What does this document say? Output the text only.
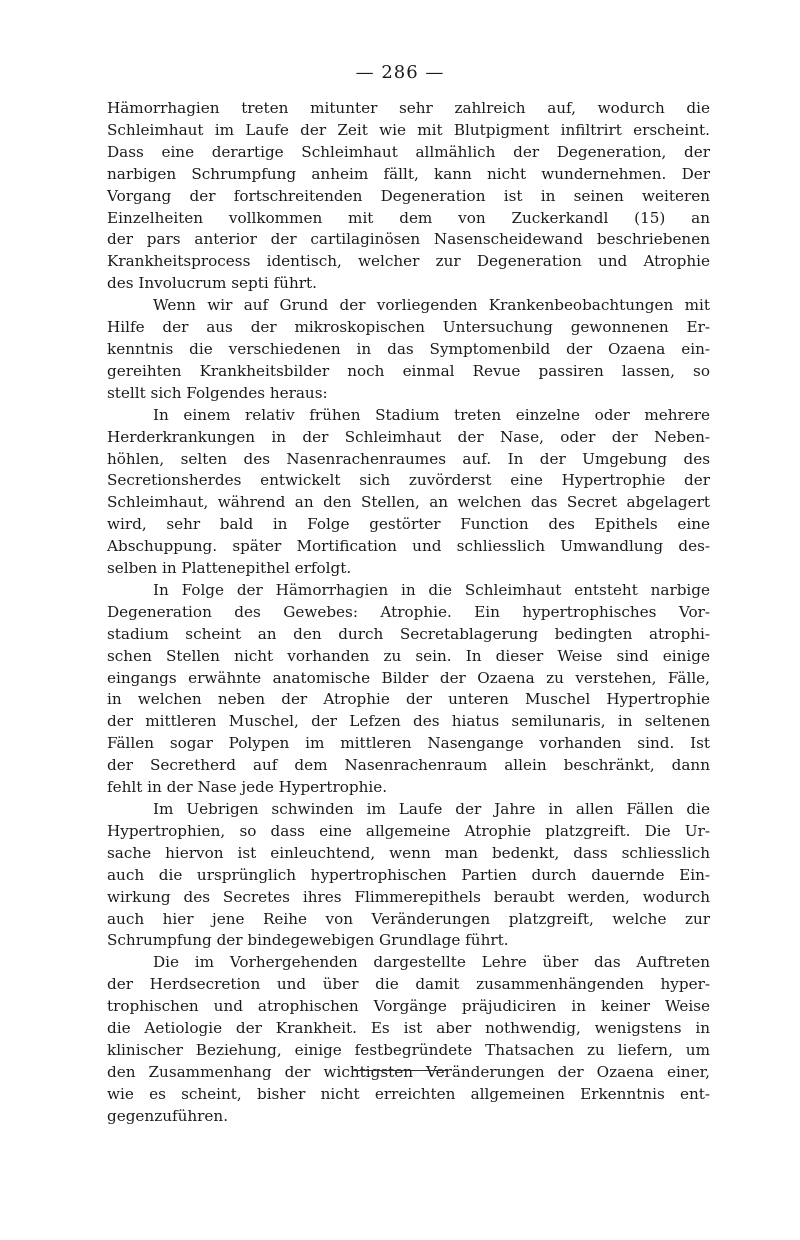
— 286 —
Hämorrhagien treten mitunter sehr zahlreich auf, wodurch die
Schleimhaut im Laufe der Zeit wie mit Blutpigment infiltrirt erscheint.
Dass eine derartige Schleimhaut allmählich der Degeneration, der
narbigen Schrumpfung anheim fällt, kann nicht wundernehmen. Der
Vorgang der fortschreitenden Degeneration ist in seinen weiteren
Einzelheiten vollkommen mit dem von Zuckerkandl (15) an
der pars anterior der cartilaginösen Nasenscheidewand beschriebenen
Krankheitsprocess identisch, welcher zur Degeneration und Atrophie
des Involucrum septi führt.
Wenn wir auf Grund der vorliegenden Krankenbeobachtungen mit
Hilfe der aus der mikroskopischen Untersuchung gewonnenen Er-
kenntnis die verschiedenen in das Symptomenbild der Ozaena ein-
gereihten Krankheitsbilder noch einmal Revue passiren lassen, so
stellt sich Folgendes heraus:
In einem relativ frühen Stadium treten einzelne oder mehrere
Herderkrankungen in der Schleimhaut der Nase, oder der Neben-
höhlen, selten des Nasenrachenraumes auf. In der Umgebung des
Secretionsherdes entwickelt sich zuvörderst eine Hypertrophie der
Schleimhaut, während an den Stellen, an welchen das Secret abgelagert
wird, sehr bald in Folge gestörter Function des Epithels eine
Abschuppung. später Mortification und schliesslich Umwandlung des-
selben in Plattenepithel erfolgt.
In Folge der Hämorrhagien in die Schleimhaut entsteht narbige
Degeneration des Gewebes: Atrophie. Ein hypertrophisches Vor-
stadium scheint an den durch Secretablagerung bedingten atrophi-
schen Stellen nicht vorhanden zu sein. In dieser Weise sind einige
eingangs erwähnte anatomische Bilder der Ozaena zu verstehen, Fälle,
in welchen neben der Atrophie der unteren Muschel Hypertrophie
der mittleren Muschel, der Lefzen des hiatus semilunaris, in seltenen
Fällen sogar Polypen im mittleren Nasengange vorhanden sind. Ist
der Secretherd auf dem Nasenrachenraum allein beschränkt, dann
fehlt in der Nase jede Hypertrophie.
Im Uebrigen schwinden im Laufe der Jahre in allen Fällen die
Hypertrophien, so dass eine allgemeine Atrophie platzgreift. Die Ur-
sache hiervon ist einleuchtend, wenn man bedenkt, dass schliesslich
auch die ursprünglich hypertrophischen Partien durch dauernde Ein-
wirkung des Secretes ihres Flimmerepithels beraubt werden, wodurch
auch hier jene Reihe von Veränderungen platzgreift, welche zur
Schrumpfung der bindegewebigen Grundlage führt.
Die im Vorhergehenden dargestellte Lehre über das Auftreten
der Herdsecretion und über die damit zusammenhängenden hyper-
trophischen und atrophischen Vorgänge präjudiciren in keiner Weise
die Aetiologie der Krankheit. Es ist aber nothwendig, wenigstens in
klinischer Beziehung, einige festbegründete Thatsachen zu liefern, um
den Zusammenhang der wichtigsten Veränderungen der Ozaena einer,
wie es scheint, bisher nicht erreichten allgemeinen Erkenntnis ent-
gegenzuführen.
